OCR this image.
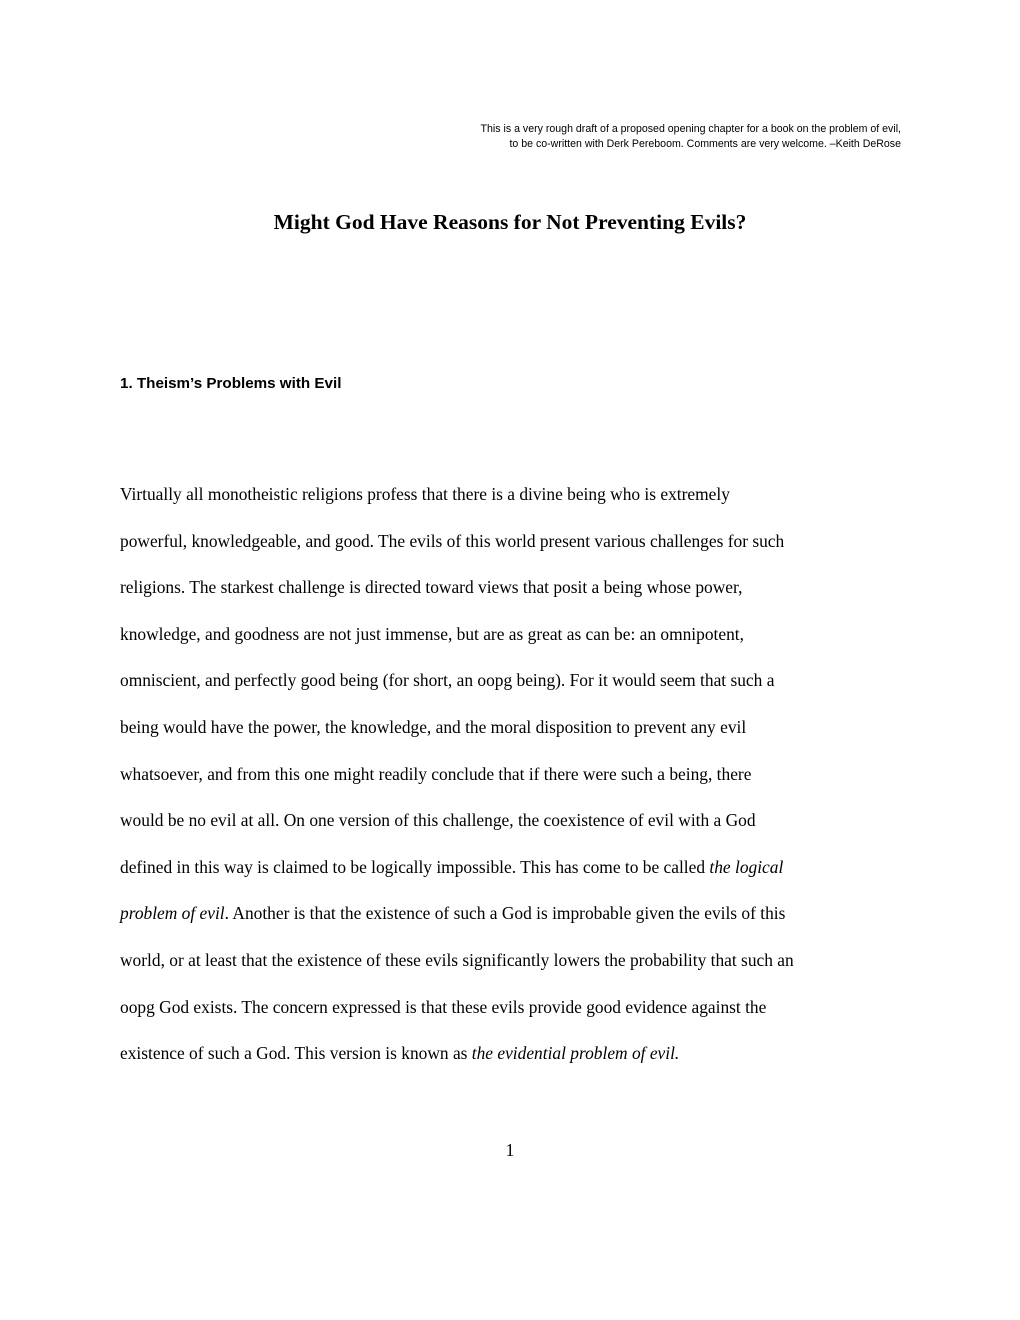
This is a very rough draft of a proposed opening chapter for a book on the problem of evil,
to be co-written with Derk Pereboom. Comments are very welcome. –Keith DeRose
Might God Have Reasons for Not Preventing Evils?
1. Theism’s Problems with Evil
Virtually all monotheistic religions profess that there is a divine being who is extremely
powerful, knowledgeable, and good. The evils of this world present various challenges for such
religions. The starkest challenge is directed toward views that posit a being whose power,
knowledge, and goodness are not just immense, but are as great as can be: an omnipotent,
omniscient, and perfectly good being (for short, an oopg being). For it would seem that such a
being would have the power, the knowledge, and the moral disposition to prevent any evil
whatsoever, and from this one might readily conclude that if there were such a being, there
would be no evil at all. On one version of this challenge, the coexistence of evil with a God
defined in this way is claimed to be logically impossible. This has come to be called the logical
problem of evil. Another is that the existence of such a God is improbable given the evils of this
world, or at least that the existence of these evils significantly lowers the probability that such an
oopg God exists. The concern expressed is that these evils provide good evidence against the
existence of such a God. This version is known as the evidential problem of evil.
1
